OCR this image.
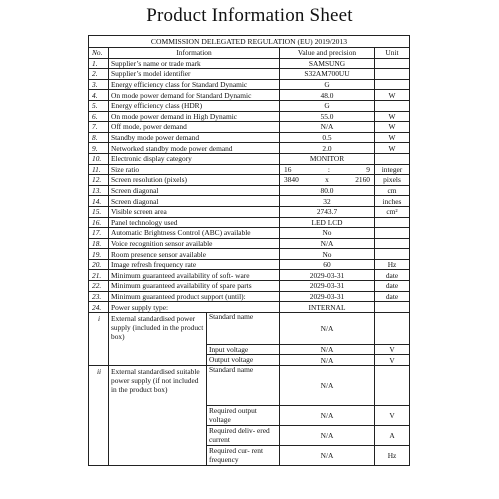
Product Information Sheet
COMMISSION DELEGATED REGULATION (EU) 2019/2013				
No.	Information		Value and precision	Unit
1.	Supplier’s name or trade mark		SAMSUNG	
2.	Supplier’s model identifier		S32AM700UU	
3.	Energy efficiency class for Standard Dynamic		G	
4.	On mode power demand for Standard Dynamic		48.0	W
5.	Energy efficiency class (HDR)		G	
6.	On mode power demand in High Dynamic		55.0	W
7.	Off mode, power demand		N/A	W
8.	Standby mode power demand		0.5	W
9.	Networked standby mode power demand		2.0	W
10.	Electronic display category		MONITOR	
11.	Size ratio		16 : 9	integer
12.	Screen resolution (pixels)		3840 x 2160	pixels
13.	Screen diagonal		80.0	cm
14.	Screen diagonal		32	inches
15.	Visible screen area		2743.7	cm²
16.	Panel technology used		LED LCD	
17.	Automatic Brightness Control (ABC) available		No	
18.	Voice recognition sensor available		N/A	
19.	Room presence sensor available		No	
20.	Image refresh frequency rate		60	Hz
21.	Minimum guaranteed availability of soft- ware		2029-03-31	date
22.	Minimum guaranteed availability of spare parts		2029-03-31	date
23.	Minimum guaranteed product support (until):		2029-03-31	date
24.	Power supply type:		INTERNAL	
i	External standardised power supply (included in the product box)	Standard name	N/A	
		Input voltage	N/A	V
		Output voltage	N/A	V
ii	External standardised suitable power supply (if not included in the product box)	Standard name	N/A	
		Required output voltage	N/A	V
		Required deliv- ered current	N/A	A
		Required cur- rent frequency	N/A	Hz
